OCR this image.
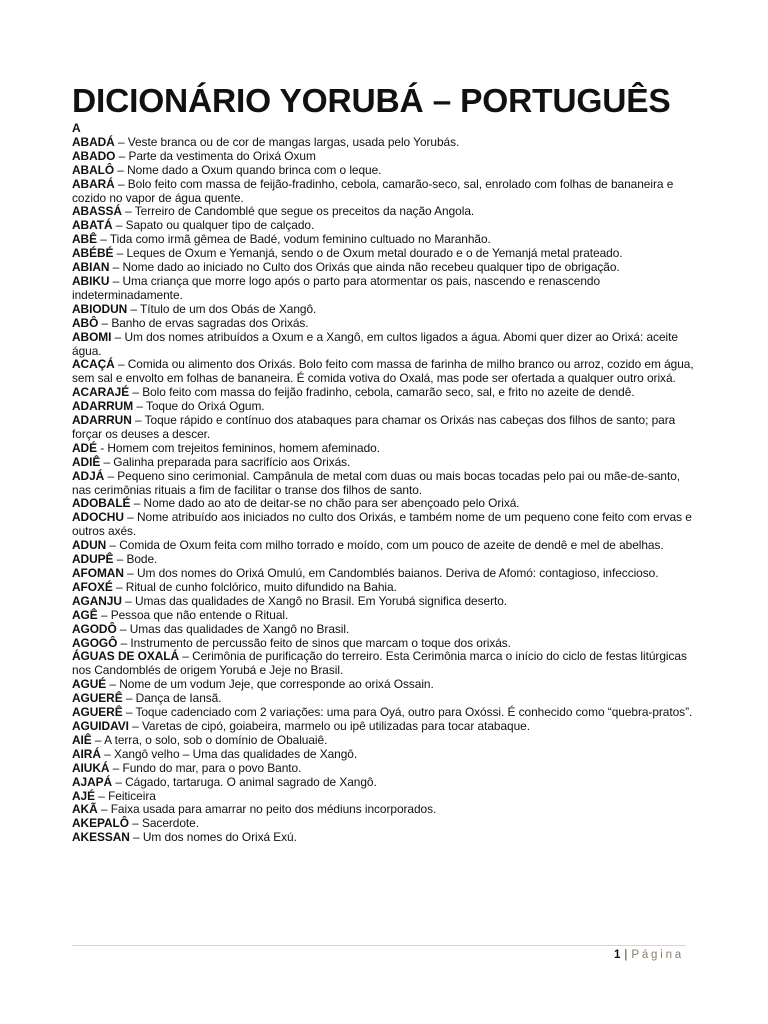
DICIONÁRIO YORUBÁ – PORTUGUÊS

A

ABADÁ – Veste branca ou de cor de mangas largas, usada pelo Yorubás.
ABADO – Parte da vestimenta do Orixá Oxum
ABALÔ – Nome dado a Oxum quando brinca com o leque.
ABARÁ – Bolo feito com massa de feijão-fradinho, cebola, camarão-seco, sal, enrolado com folhas de bananeira e cozido no vapor de água quente.
ABASSÁ – Terreiro de Candomblé que segue os preceitos da nação Angola.
ABATÁ – Sapato ou qualquer tipo de calçado.
ABÊ – Tida como irmã gêmea de Badé, vodum feminino cultuado no Maranhão.
ABÉBÉ – Leques de Oxum e Yemanjá, sendo o de Oxum metal dourado e o de Yemanjá metal prateado.
ABIAN – Nome dado ao iniciado no Culto dos Orixás que ainda não recebeu qualquer tipo de obrigação.
ABIKU – Uma criança que morre logo após o parto para atormentar os pais, nascendo e renascendo indeterminadamente.
ABIODUN – Título de um dos Obás de Xangô.
ABÔ – Banho de ervas sagradas dos Orixás.
ABOMI – Um dos nomes atribuídos a Oxum e a Xangô, em cultos ligados a água. Abomi quer dizer ao Orixá: aceite água.
ACAÇÁ – Comida ou alimento dos Orixás. Bolo feito com massa de farinha de milho branco ou arroz, cozido em água, sem sal e envolto em folhas de bananeira. É comida votiva do Oxalá, mas pode ser ofertada a qualquer outro orixá.
ACARAJÉ – Bolo feito com massa do feijão fradinho, cebola, camarão seco, sal, e frito no azeite de dendê.
ADARRUM – Toque do Orixá Ogum.
ADARRUN – Toque rápido e contínuo dos atabaques para chamar os Orixás nas cabeças dos filhos de santo; para forçar os deuses a descer.
ADÉ - Homem com trejeitos femininos, homem afeminado.
ADIÊ – Galinha preparada para sacrifício aos Orixás.
ADJÁ – Pequeno sino cerimonial. Campânula de metal com duas ou mais bocas tocadas pelo pai ou mãe-de-santo, nas cerimônias rituais a fim de facilitar o transe dos filhos de santo.
ADOBALÉ – Nome dado ao ato de deitar-se no chão para ser abençoado pelo Orixá.
ADOCHU – Nome atribuído aos iniciados no culto dos Orixás, e também nome de um pequeno cone feito com ervas e outros axés.
ADUN – Comida de Oxum feita com milho torrado e moído, com um pouco de azeite de dendê e mel de abelhas.
ADUPÊ – Bode.
AFOMAN – Um dos nomes do Orixá Omulú, em Candomblés baianos. Deriva de Afomó: contagioso, infeccioso.
AFOXÉ – Ritual de cunho folclórico, muito difundido na Bahia.
AGANJU – Umas das qualidades de Xangô no Brasil. Em Yorubá significa deserto.
AGÊ – Pessoa que não entende o Ritual.
AGODÔ – Umas das qualidades de Xangô no Brasil.
AGOGÔ – Instrumento de percussão feito de sinos que marcam o toque dos orixás.
ÁGUAS DE OXALÁ – Cerimônia de purificação do terreiro. Esta Cerimônia marca o início do ciclo de festas litúrgicas nos Candomblés de origem Yorubá e Jeje no Brasil.
AGUÉ – Nome de um vodum Jeje, que corresponde ao orixá Ossain.
AGUERÊ – Dança de Iansã.
AGUERÊ – Toque cadenciado com 2 variações: uma para Oyá, outro para Oxóssi. É conhecido como “quebra-pratos”.
AGUIDAVI – Varetas de cipó, goiabeira, marmelo ou ipê utilizadas para tocar atabaque.
AIÊ – A terra, o solo, sob o domínio de Obaluaiê.
AIRÁ – Xangô velho – Uma das qualidades de Xangô.
AIUKÁ – Fundo do mar, para o povo Banto.
AJAPÁ – Cágado, tartaruga. O animal sagrado de Xangô.
AJÉ – Feiticeira
AKÃ – Faixa usada para amarrar no peito dos médiuns incorporados.
AKEPALÔ – Sacerdote.
AKESSAN – Um dos nomes do Orixá Exú.
1 | Página
